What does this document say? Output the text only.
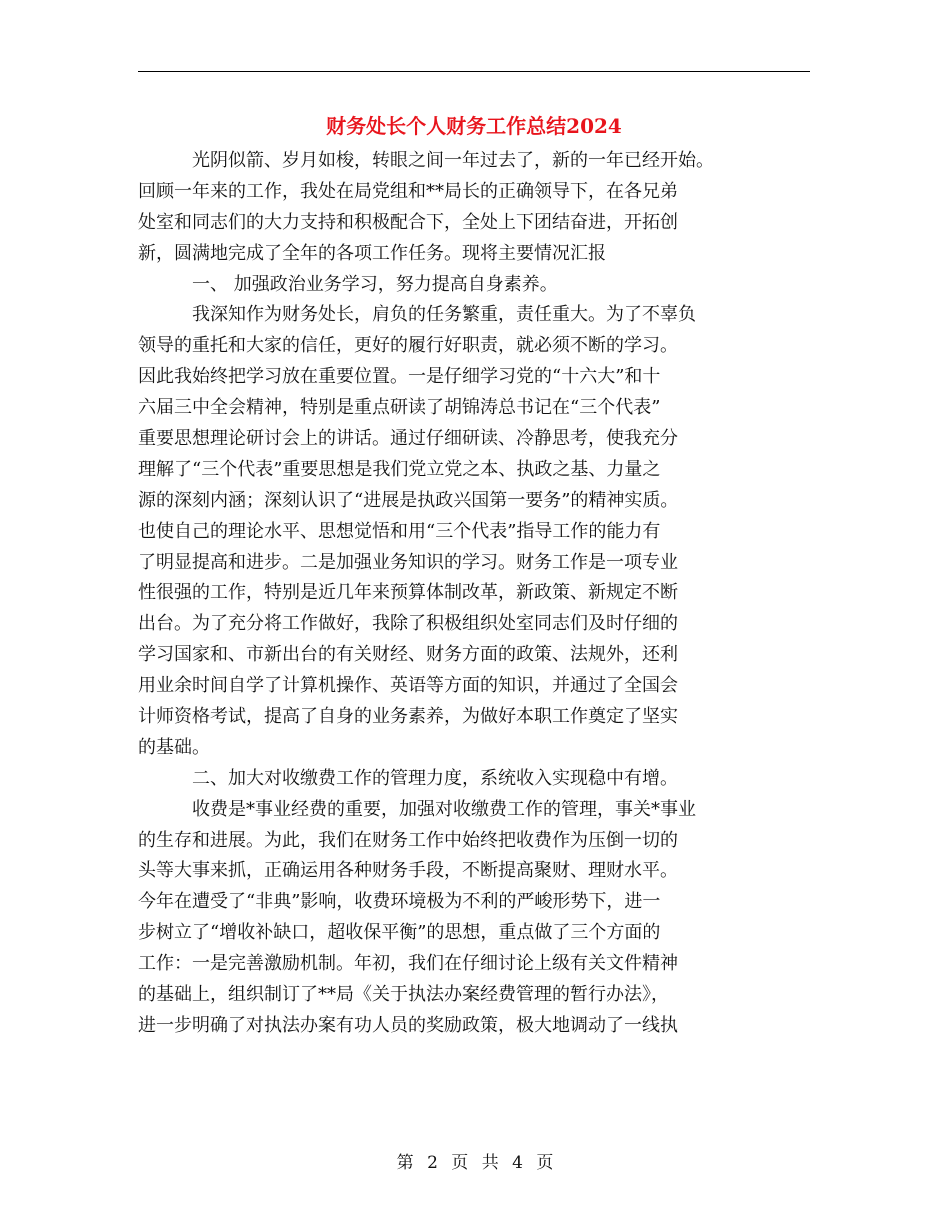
财务处长个人财务工作总结2024
光阴似箭、岁月如梭，转眼之间一年过去了，新的一年已经开始。
回顾一年来的工作，我处在局党组和**局长的正确领导下，在各兄弟
处室和同志们的大力支持和积极配合下，全处上下团结奋进，开拓创
新，圆满地完成了全年的各项工作任务。现将主要情况汇报
一、 加强政治业务学习，努力提高自身素养。
我深知作为财务处长，肩负的任务繁重，责任重大。为了不辜负
领导的重托和大家的信任，更好的履行好职责，就必须不断的学习。
因此我始终把学习放在重要位置。一是仔细学习党的“十六大”和十
六届三中全会精神，特别是重点研读了胡锦涛总书记在“三个代表”
重要思想理论研讨会上的讲话。通过仔细研读、冷静思考，使我充分
理解了“三个代表”重要思想是我们党立党之本、执政之基、力量之
源的深刻内涵；深刻认识了“进展是执政兴国第一要务”的精神实质。
也使自己的理论水平、思想觉悟和用“三个代表”指导工作的能力有
了明显提高和进步。二是加强业务知识的学习。财务工作是一项专业
性很强的工作，特别是近几年来预算体制改革，新政策、新规定不断
出台。为了充分将工作做好，我除了积极组织处室同志们及时仔细的
学习国家和、市新出台的有关财经、财务方面的政策、法规外，还利
用业余时间自学了计算机操作、英语等方面的知识，并通过了全国会
计师资格考试，提高了自身的业务素养，为做好本职工作奠定了坚实
的基础。
二、加大对收缴费工作的管理力度，系统收入实现稳中有增。
收费是*事业经费的重要，加强对收缴费工作的管理，事关*事业
的生存和进展。为此，我们在财务工作中始终把收费作为压倒一切的
头等大事来抓，正确运用各种财务手段，不断提高聚财、理财水平。
今年在遭受了“非典”影响，收费环境极为不利的严峻形势下，进一
步树立了“增收补缺口，超收保平衡”的思想，重点做了三个方面的
工作：一是完善激励机制。年初，我们在仔细讨论上级有关文件精神
的基础上，组织制订了**局《关于执法办案经费管理的暂行办法》，
进一步明确了对执法办案有功人员的奖励政策，极大地调动了一线执
第 2 页 共 4 页
